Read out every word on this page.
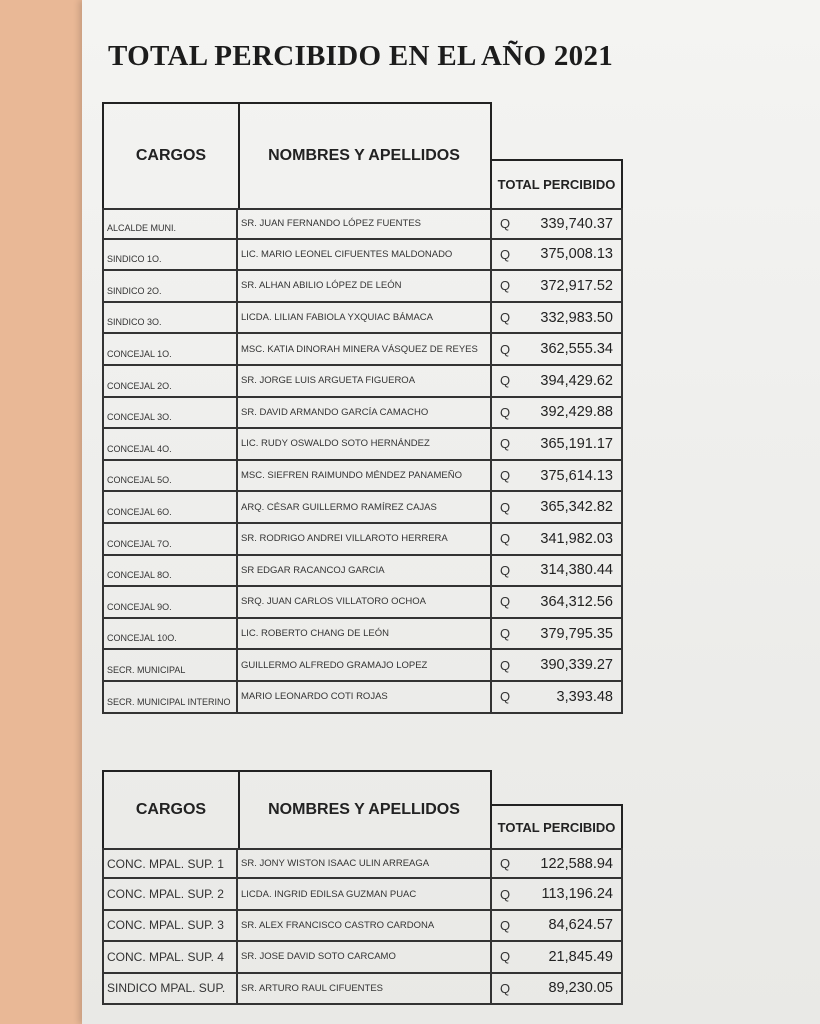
TOTAL PERCIBIDO EN EL AÑO 2021
CARGOS	NOMBRES Y APELLIDOS
TOTAL PERCIBIDO
ALCALDE MUNI.	SR. JUAN FERNANDO LÓPEZ FUENTES	Q	339,740.37
SINDICO 1O.	LIC. MARIO LEONEL CIFUENTES MALDONADO	Q	375,008.13
SINDICO 2O.	SR. ALHAN ABILIO LÓPEZ DE LEÓN	Q	372,917.52
SINDICO 3O.	LICDA. LILIAN FABIOLA YXQUIAC BÁMACA	Q	332,983.50
CONCEJAL 1O.	MSC. KATIA DINORAH MINERA VÁSQUEZ DE REYES	Q	362,555.34
CONCEJAL 2O.	SR. JORGE LUIS ARGUETA FIGUEROA	Q	394,429.62
CONCEJAL 3O.	SR. DAVID ARMANDO GARCÍA CAMACHO	Q	392,429.88
CONCEJAL 4O.	LIC. RUDY OSWALDO SOTO HERNÁNDEZ	Q	365,191.17
CONCEJAL 5O.	MSC. SIEFREN RAIMUNDO MÉNDEZ PANAMEÑO	Q	375,614.13
CONCEJAL 6O.	ARQ. CÉSAR GUILLERMO RAMÍREZ CAJAS	Q	365,342.82
CONCEJAL 7O.	SR. RODRIGO ANDREI VILLAROTO HERRERA	Q	341,982.03
CONCEJAL 8O.	SR EDGAR RACANCOJ GARCIA	Q	314,380.44
CONCEJAL 9O.	SRQ. JUAN CARLOS VILLATORO OCHOA	Q	364,312.56
CONCEJAL 10O.	LIC. ROBERTO CHANG DE LEÓN	Q	379,795.35
SECR. MUNICIPAL	GUILLERMO ALFREDO GRAMAJO LOPEZ	Q	390,339.27
SECR. MUNICIPAL INTERINO	MARIO LEONARDO COTI ROJAS	Q	3,393.48
CARGOS	NOMBRES Y APELLIDOS
TOTAL PERCIBIDO
CONC. MPAL. SUP. 1	SR. JONY WISTON ISAAC ULIN ARREAGA	Q	122,588.94
CONC. MPAL. SUP. 2	LICDA. INGRID EDILSA GUZMAN PUAC	Q	113,196.24
CONC. MPAL. SUP. 3	SR. ALEX FRANCISCO CASTRO CARDONA	Q	84,624.57
CONC. MPAL. SUP. 4	SR. JOSE DAVID SOTO CARCAMO	Q	21,845.49
SINDICO MPAL. SUP.	SR. ARTURO RAUL CIFUENTES	Q	89,230.05
